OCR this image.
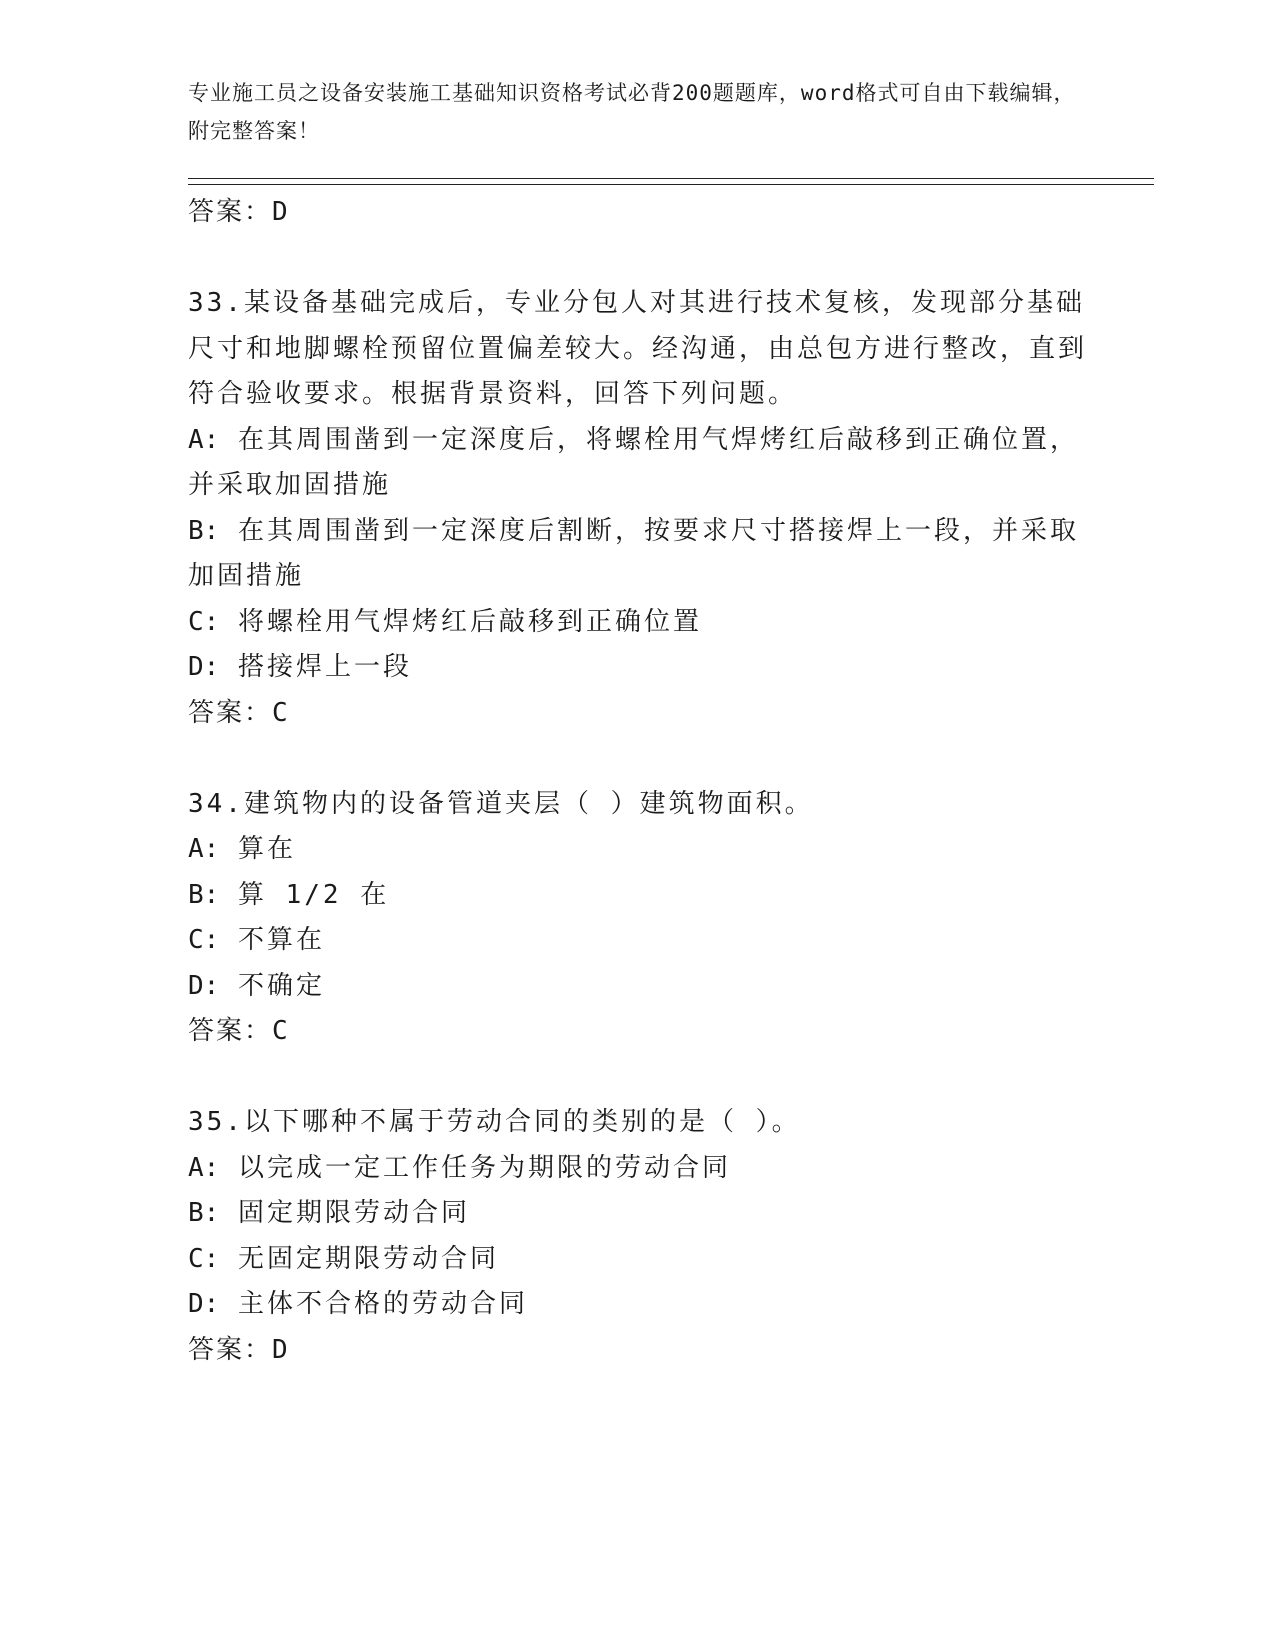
专业施工员之设备安装施工基础知识资格考试必背200题题库，word格式可自由下载编辑，附完整答案！
答案：D
33.某设备基础完成后，专业分包人对其进行技术复核，发现部分基础尺寸和地脚螺栓预留位置偏差较大。经沟通，由总包方进行整改，直到符合验收要求。根据背景资料，回答下列问题。
A: 在其周围凿到一定深度后，将螺栓用气焊烤红后敲移到正确位置，并采取加固措施
B: 在其周围凿到一定深度后割断，按要求尺寸搭接焊上一段，并采取加固措施
C: 将螺栓用气焊烤红后敲移到正确位置
D: 搭接焊上一段
答案：C
34.建筑物内的设备管道夹层（ ）建筑物面积。
A: 算在
B: 算 1/2 在
C: 不算在
D: 不确定
答案：C
35.以下哪种不属于劳动合同的类别的是（ ）。
A: 以完成一定工作任务为期限的劳动合同
B: 固定期限劳动合同
C: 无固定期限劳动合同
D: 主体不合格的劳动合同
答案：D
